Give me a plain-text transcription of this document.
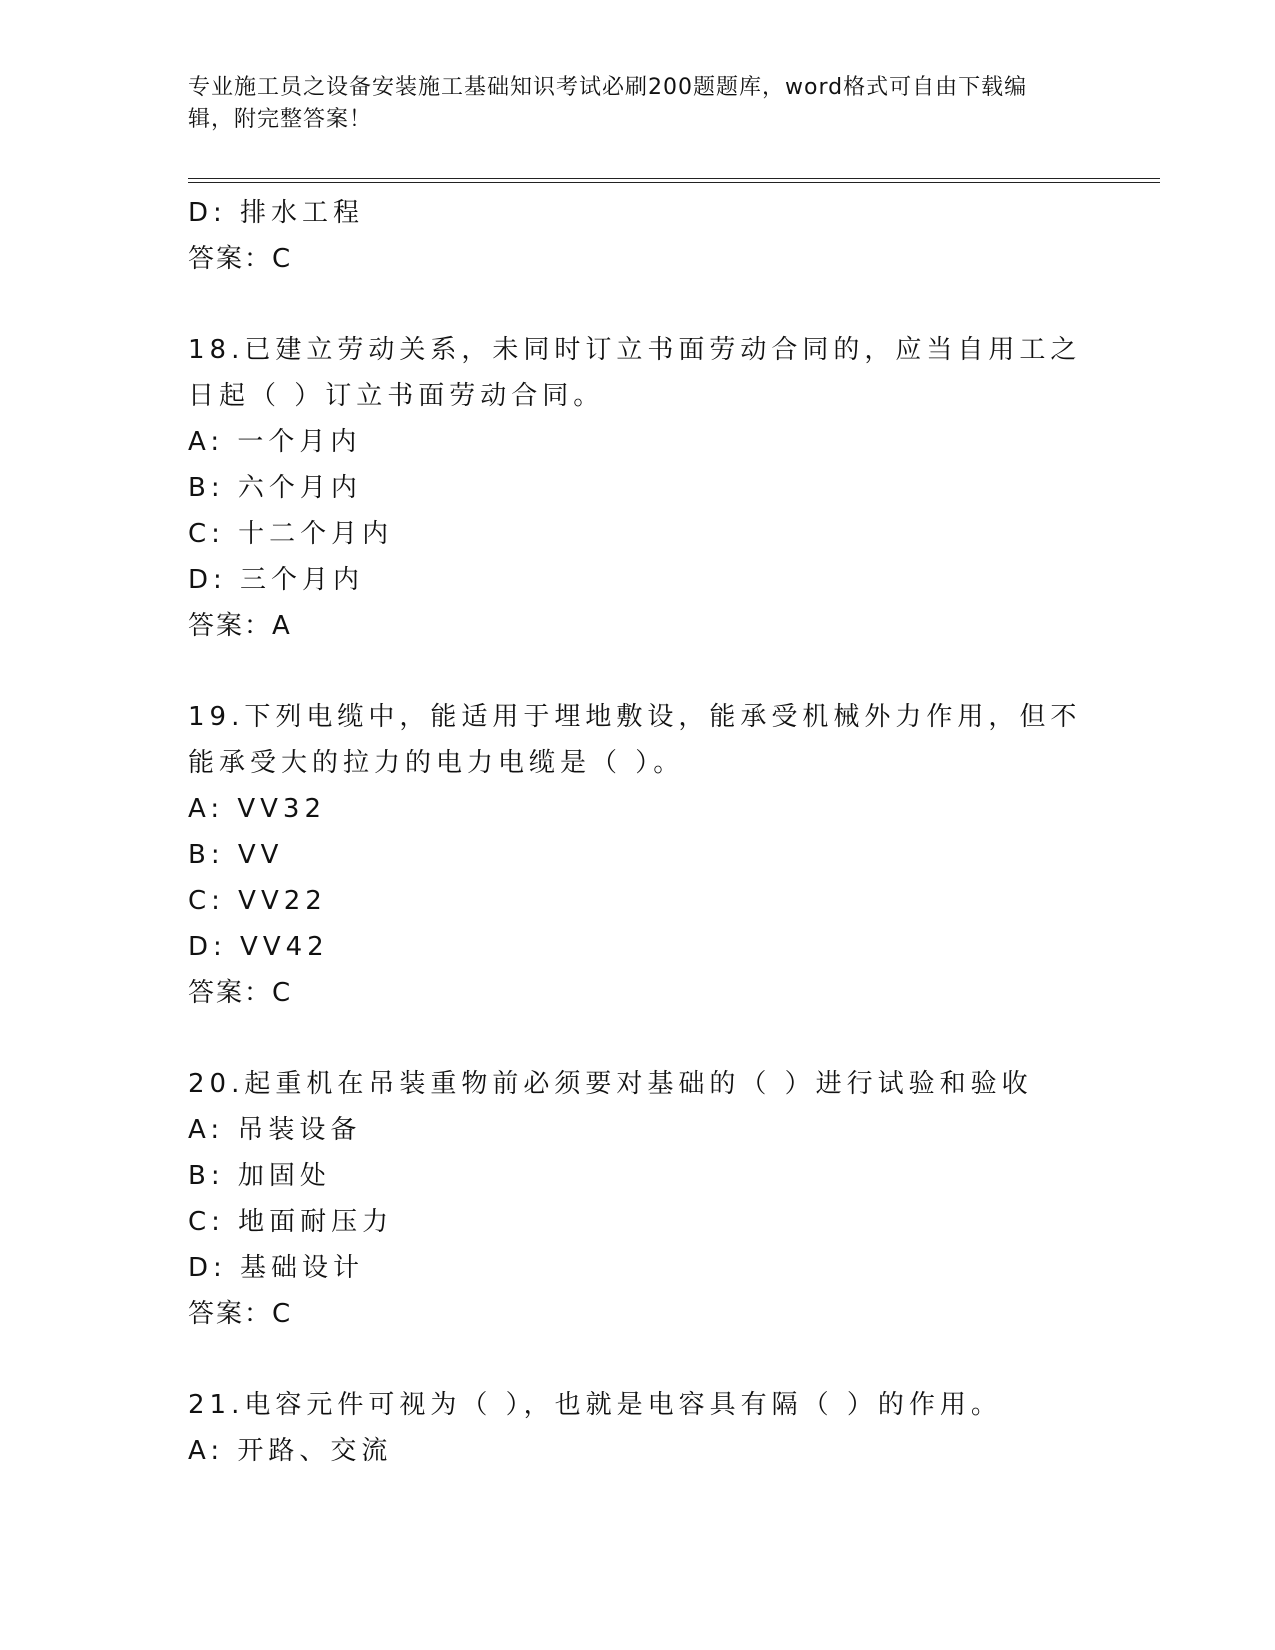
专业施工员之设备安装施工基础知识考试必刷200题题库，word格式可自由下载编辑，附完整答案！
D: 排水工程
答案：C
18.已建立劳动关系，未同时订立书面劳动合同的，应当自用工之日起（ ）订立书面劳动合同。
A: 一个月内
B: 六个月内
C: 十二个月内
D: 三个月内
答案：A
19.下列电缆中，能适用于埋地敷设，能承受机械外力作用，但不能承受大的拉力的电力电缆是（ ）。
A: VV32
B: VV
C: VV22
D: VV42
答案：C
20.起重机在吊装重物前必须要对基础的（ ）进行试验和验收
A: 吊装设备
B: 加固处
C: 地面耐压力
D: 基础设计
答案：C
21.电容元件可视为（ ），也就是电容具有隔（ ）的作用。
A: 开路、交流
